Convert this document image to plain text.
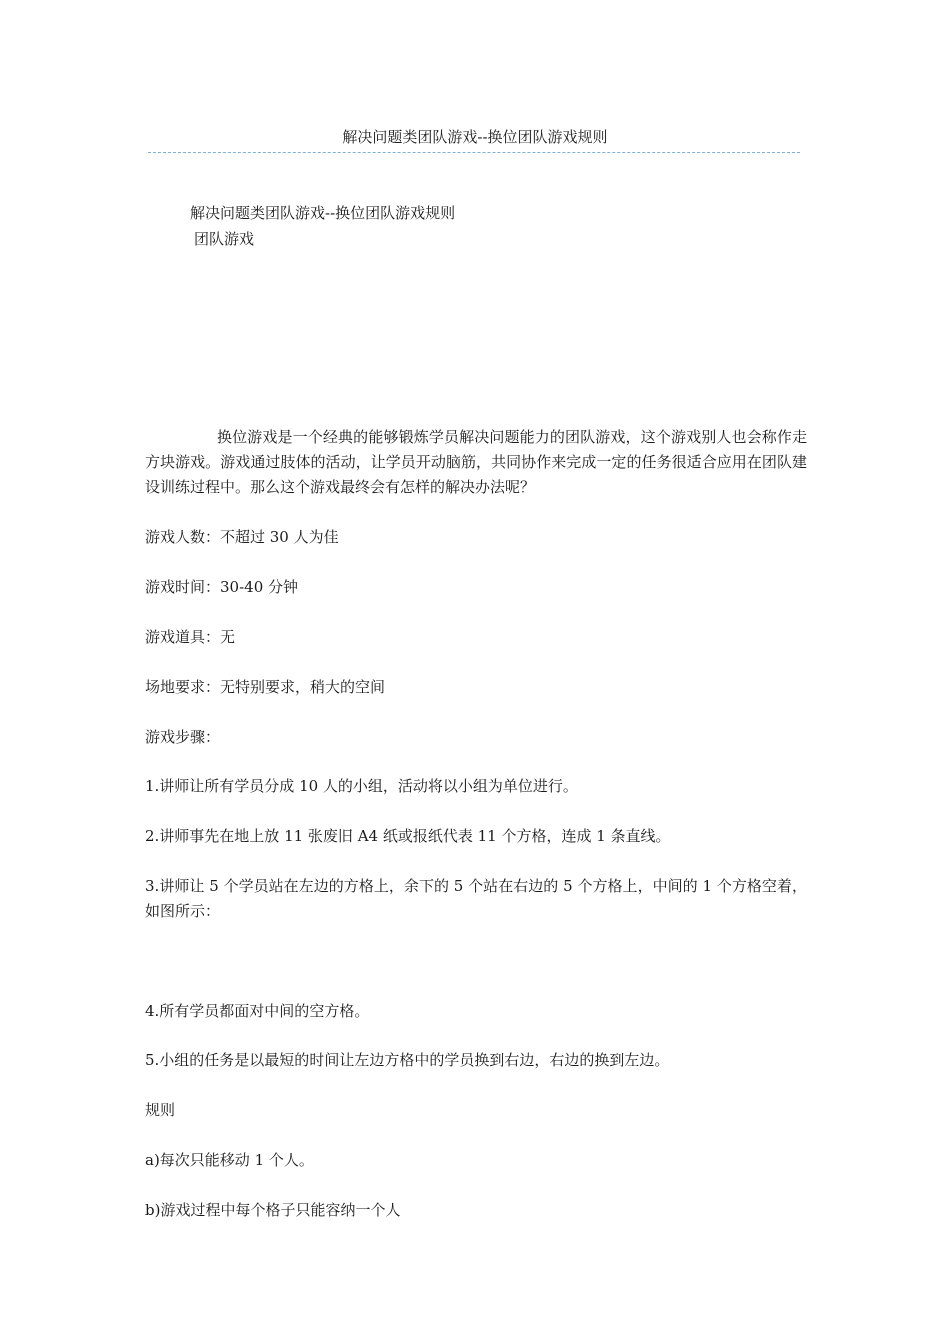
解决问题类团队游戏--换位团队游戏规则
解决问题类团队游戏--换位团队游戏规则
团队游戏
换位游戏是一个经典的能够锻炼学员解决问题能力的团队游戏，这个游戏别人也会称作走方块游戏。游戏通过肢体的活动，让学员开动脑筋，共同协作来完成一定的任务很适合应用在团队建设训练过程中。那么这个游戏最终会有怎样的解决办法呢？
游戏人数：不超过 30 人为佳
游戏时间：30-40 分钟
游戏道具：无
场地要求：无特别要求，稍大的空间
游戏步骤：
1.讲师让所有学员分成 10 人的小组，活动将以小组为单位进行。
2.讲师事先在地上放 11 张废旧 A4 纸或报纸代表 11 个方格，连成 1 条直线。
3.讲师让 5 个学员站在左边的方格上，余下的 5 个站在右边的 5 个方格上，中间的 1 个方格空着，如图所示：
4.所有学员都面对中间的空方格。
5.小组的任务是以最短的时间让左边方格中的学员换到右边，右边的换到左边。
规则
a)每次只能移动 1 个人。
b)游戏过程中每个格子只能容纳一个人
